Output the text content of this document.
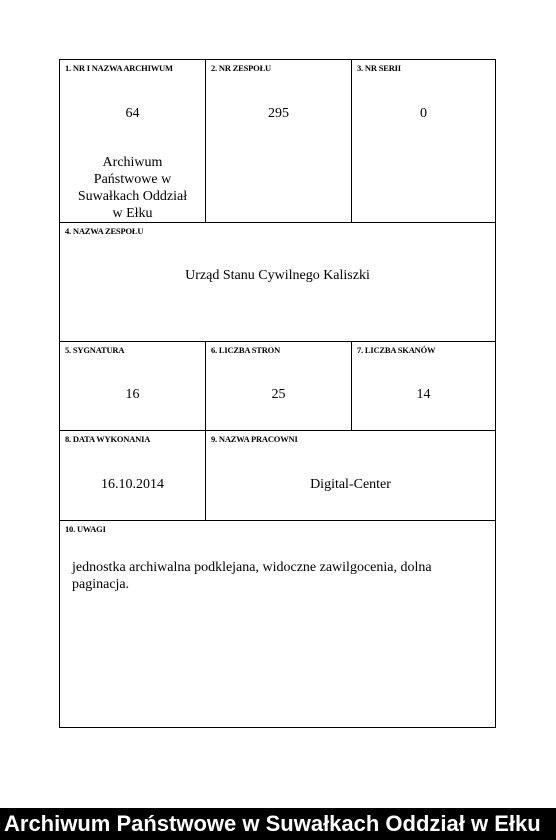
1. NR I NAZWA ARCHIWUM
64
Archiwum Państwowe w Suwałkach Oddział w Ełku
2. NR ZESPOŁU
295
3. NR SERII
0
4. NAZWA ZESPOŁU
Urząd Stanu Cywilnego Kaliszki
5. SYGNATURA
16
6. LICZBA STRON
25
7. LICZBA SKANÓW
14
8. DATA WYKONANIA
16.10.2014
9. NAZWA PRACOWNI
Digital-Center
10. UWAGI
jednostka archiwalna podklejana, widoczne zawilgocenia, dolna paginacja.
Archiwum Państwowe w Suwałkach Oddział w Ełku
